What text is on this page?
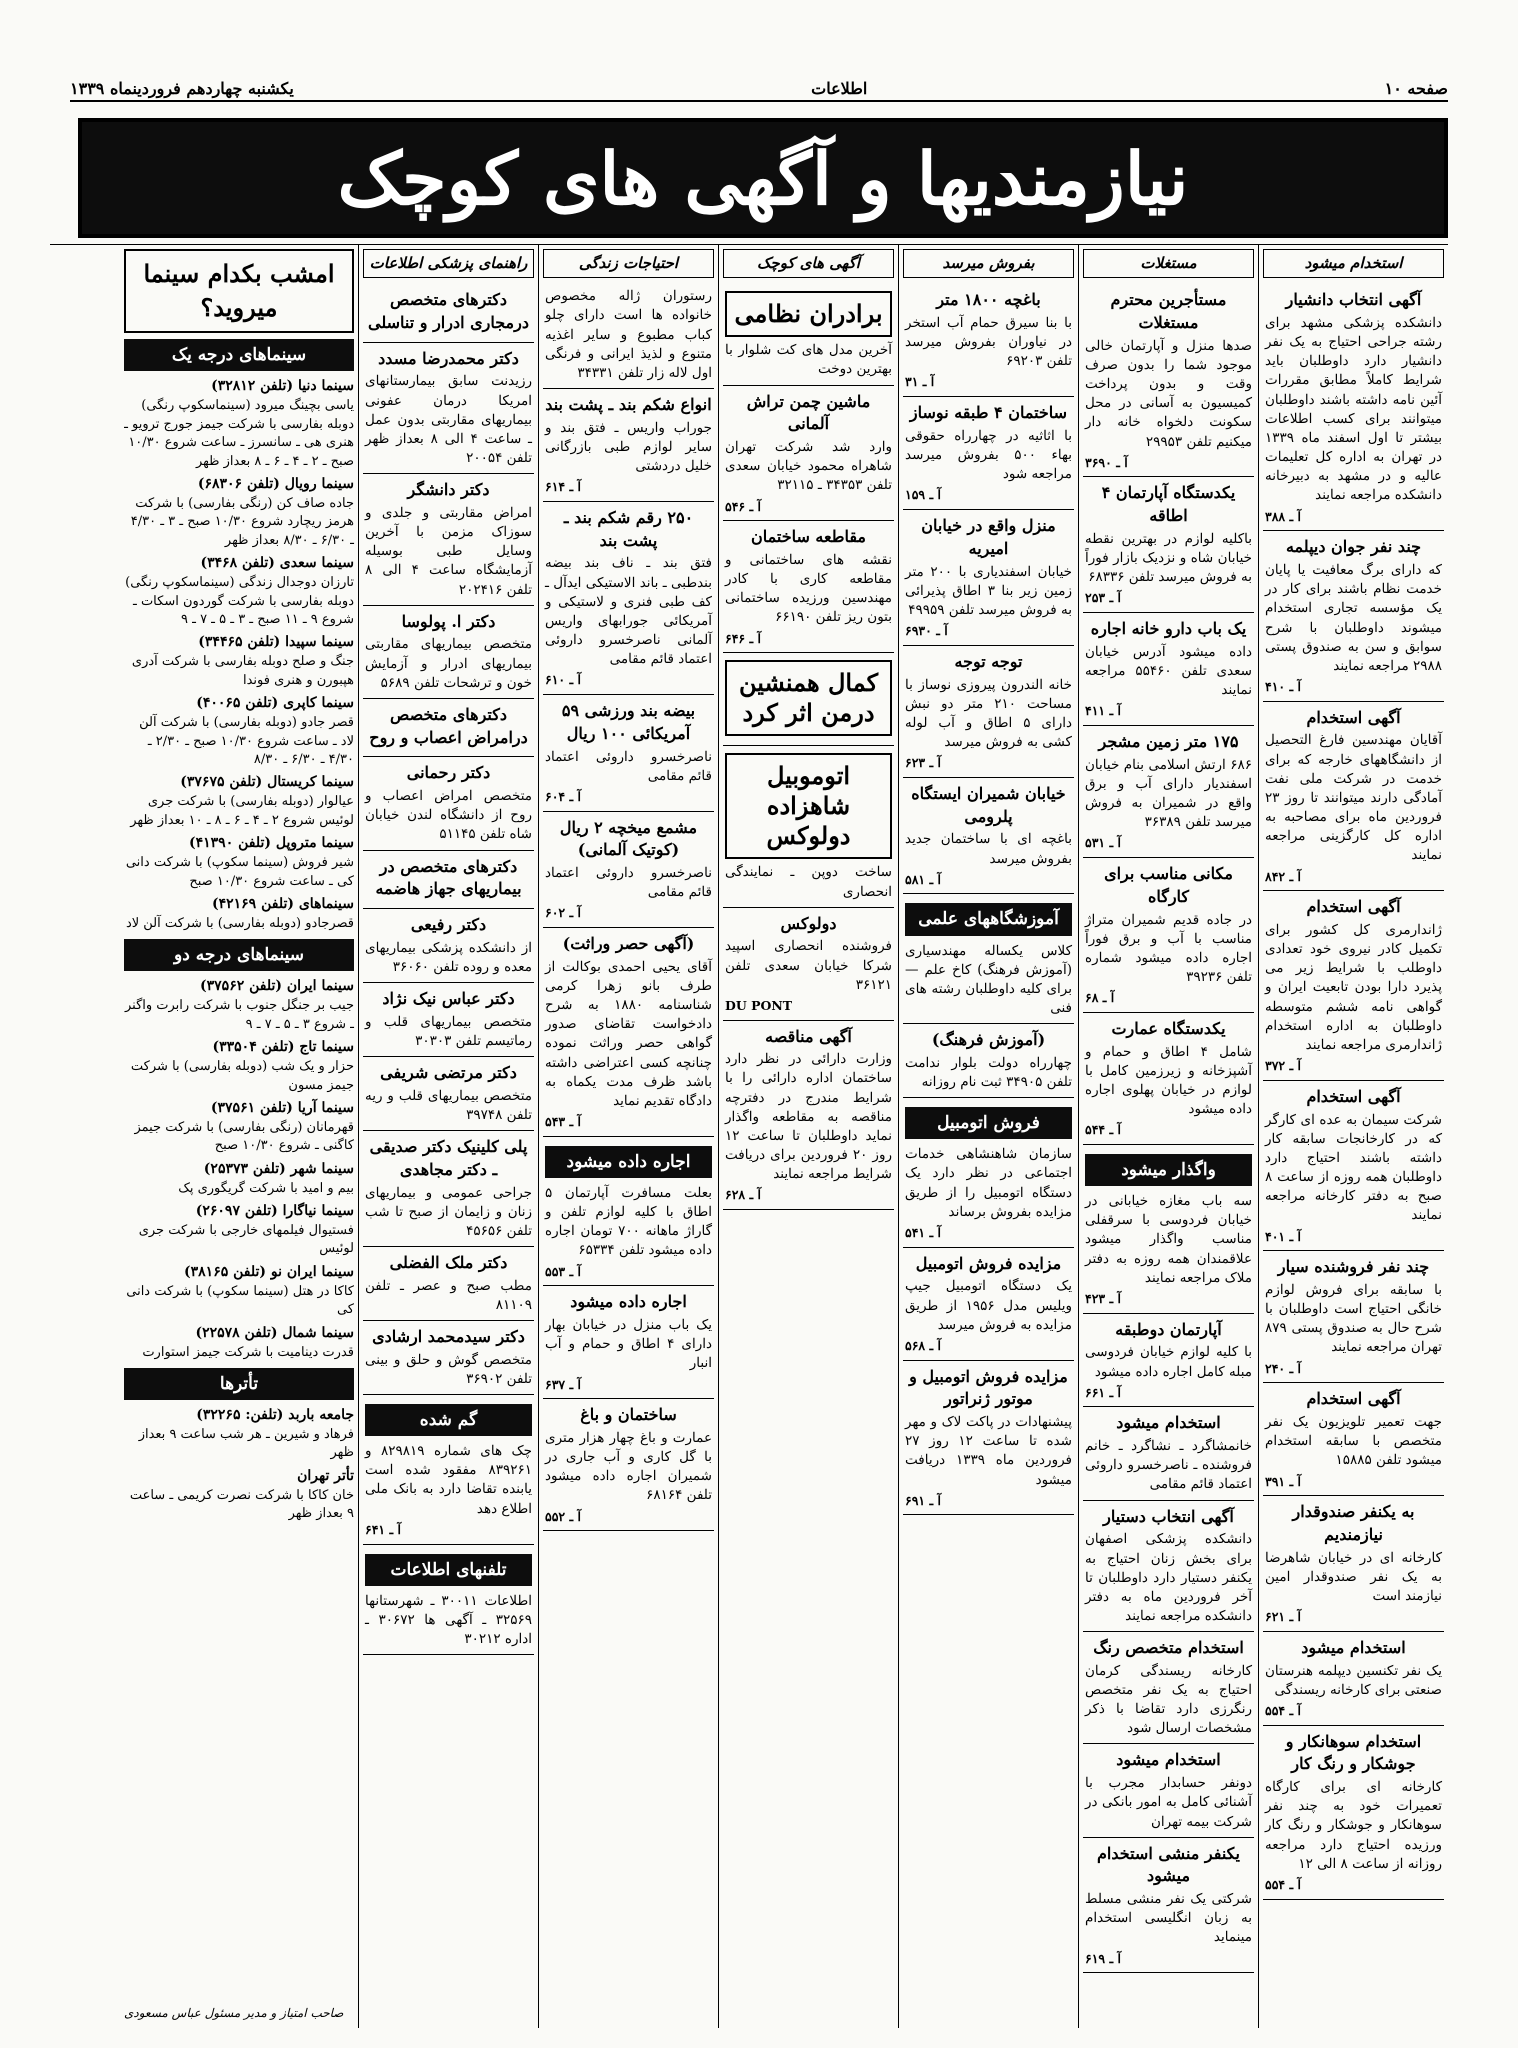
صفحه ۱۰
اطلاعات
یکشنبه چهاردهم فروردینماه ۱۳۳۹
نیازمندیها و آگهی های کوچک
استخدام میشود
آگهی انتخاب دانشیار
دانشکده پزشکی مشهد برای رشته جراحی احتیاج به یک نفر دانشیار دارد داوطلبان باید شرایط کاملاً مطابق مقررات آئین نامه داشته باشند داوطلبان میتوانند برای کسب اطلاعات بیشتر تا اول اسفند ماه ۱۳۳۹ در تهران به اداره کل تعلیمات عالیه و در مشهد به دبیرخانه دانشکده مراجعه نمایند
آ ـ ۳۸۸
چند نفر جوان دیپلمه
که دارای برگ معافیت یا پایان خدمت نظام باشند برای کار در یک مؤسسه تجاری استخدام میشوند داوطلبان با شرح سوابق و سن به صندوق پستی ۲۹۸۸ مراجعه نمایند
آ ـ ۴۱۰
آگهی استخدام
آقایان مهندسین فارغ التحصیل از دانشگاههای خارجه که برای خدمت در شرکت ملی نفت آمادگی دارند میتوانند تا روز ۲۳ فروردین ماه برای مصاحبه به اداره کل کارگزینی مراجعه نمایند
آ ـ ۸۴۲
آگهی استخدام
ژاندارمری کل کشور برای تکمیل کادر نیروی خود تعدادی داوطلب با شرایط زیر می پذیرد دارا بودن تابعیت ایران و گواهی نامه ششم متوسطه داوطلبان به اداره استخدام ژاندارمری مراجعه نمایند
آ ـ ۳۷۲
آگهی استخدام
شرکت سیمان به عده ای کارگر که در کارخانجات سابقه کار داشته باشند احتیاج دارد داوطلبان همه روزه از ساعت ۸ صبح به دفتر کارخانه مراجعه نمایند
آ ـ ۴۰۱
چند نفر فروشنده سیار
با سابقه برای فروش لوازم خانگی احتیاج است داوطلبان با شرح حال به صندوق پستی ۸۷۹ تهران مراجعه نمایند
آ ـ ۲۴۰
آگهی استخدام
جهت تعمیر تلویزیون یک نفر متخصص با سابقه استخدام میشود تلفن ۱۵۸۸۵
آ ـ ۳۹۱
به یکنفر صندوقدار نیازمندیم
کارخانه ای در خیابان شاهرضا به یک نفر صندوقدار امین نیازمند است
آ ـ ۶۲۱
استخدام میشود
یک نفر تکنسین دیپلمه هنرستان صنعتی برای کارخانه ریسندگی
آ ـ ۵۵۴
استخدام سوهانکار و جوشکار و رنگ کار
کارخانه ای برای کارگاه تعمیرات خود به چند نفر سوهانکار و جوشکار و رنگ کار ورزیده احتیاج دارد مراجعه روزانه از ساعت ۸ الی ۱۲
آ ـ ۵۵۴
مستغلات
مستأجرین محترم مستغلات
صدها منزل و آپارتمان خالی موجود شما را بدون صرف وقت و بدون پرداخت کمیسیون به آسانی در محل سکونت دلخواه خانه دار میکنیم تلفن ۲۹۹۵۳
آ ـ ۳۶۹۰
یکدستگاه آپارتمان ۴ اطاقه
باکلیه لوازم در بهترین نقطه خیابان شاه و نزدیک بازار فوراً به فروش میرسد تلفن ۶۸۳۳۶
آ ـ ۲۵۳
یک باب دارو خانه اجاره
داده میشود آدرس خیابان سعدی تلفن ۵۵۴۶۰ مراجعه نمایند
آ ـ ۴۱۱
۱۷۵ متر زمین مشجر
۶۸۶ ارتش اسلامی بنام خیابان اسفندیار دارای آب و برق واقع در شمیران به فروش میرسد تلفن ۳۶۳۸۹
آ ـ ۵۳۱
مکانی مناسب برای کارگاه
در جاده قدیم شمیران متراژ مناسب با آب و برق فوراً اجاره داده میشود شماره تلفن ۳۹۲۳۶
آ ـ ۶۸
یکدستگاه عمارت
شامل ۴ اطاق و حمام و آشپزخانه و زیرزمین کامل با لوازم در خیابان پهلوی اجاره داده میشود
آ ـ ۵۴۴
واگذار میشود
سه باب مغازه خیابانی در خیابان فردوسی با سرقفلی مناسب واگذار میشود علاقمندان همه روزه به دفتر ملاک مراجعه نمایند
آ ـ ۴۲۳
آپارتمان دوطبقه
با کلیه لوازم خیابان فردوسی مبله کامل اجاره داده میشود
آ ـ ۶۶۱
استخدام میشود
خانمشاگرد ـ نشاگرد ـ خانم فروشنده ـ ناصرخسرو داروئی اعتماد قائم مقامی
آگهی انتخاب دستیار
دانشکده پزشکی اصفهان برای بخش زنان احتیاج به یکنفر دستیار دارد داوطلبان تا آخر فروردین ماه به دفتر دانشکده مراجعه نمایند
استخدام متخصص رنگ
کارخانه ریسندگی کرمان احتیاج به یک نفر متخصص رنگرزی دارد تقاضا با ذکر مشخصات ارسال شود
استخدام میشود
دونفر حسابدار مجرب با آشنائی کامل به امور بانکی در شرکت بیمه تهران
یکنفر منشی استخدام میشود
شرکتی یک نفر منشی مسلط به زبان انگلیسی استخدام مینماید
آ ـ ۶۱۹
بفروش میرسد
باغچه ۱۸۰۰ متر
با بنا سیرق حمام آب استخر در نیاوران بفروش میرسد تلفن ۶۹۲۰۳
آ ـ ۳۱
ساختمان ۴ طبقه نوساز
با اثاثیه در چهارراه حقوقی بهاء ۵۰۰ بفروش میرسد مراجعه شود
آ ـ ۱۵۹
منزل واقع در خیابان امیریه
خیابان اسفندیاری با ۲۰۰ متر زمین زیر بنا ۳ اطاق پذیرائی به فروش میرسد تلفن ۴۹۹۵۹
آ ـ ۶۹۳۰
توجه توجه
خانه الندرون پیروزی نوساز با مساحت ۲۱۰ متر دو نبش دارای ۵ اطاق و آب لوله کشی به فروش میرسد
آ ـ ۶۲۳
خیابان شمیران ایستگاه پلرومی
باغچه ای با ساختمان جدید بفروش میرسد
آ ـ ۵۸۱
آموزشگاههای علمی
کلاس یکساله مهندسیاری (آموزش فرهنگ) کاخ علم — برای کلیه داوطلبان رشته های فنی
(آموزش فرهنگ)
چهارراه دولت بلوار ندامت تلفن ۳۴۹۰۵ ثبت نام روزانه
فروش اتومبیل
سازمان شاهنشاهی خدمات اجتماعی در نظر دارد یک دستگاه اتومبیل را از طریق مزایده بفروش برساند
آ ـ ۵۴۱
مزایده فروش اتومبیل
یک دستگاه اتومبیل جیپ ویلیس مدل ۱۹۵۶ از طریق مزایده به فروش میرسد
آ ـ ۵۶۸
مزایده فروش اتومبیل و موتور ژنراتور
پیشنهادات در پاکت لاک و مهر شده تا ساعت ۱۲ روز ۲۷ فروردین ماه ۱۳۳۹ دریافت میشود
آ ـ ۶۹۱
آگهی های کوچک
برادران نظامی
آخرین مدل های کت شلوار با بهترین دوخت
ماشین چمن تراش آلمانی
وارد شد شرکت تهران شاهراه محمود خیابان سعدی تلفن ۳۴۳۵۳ ـ ۳۲۱۱۵
آ ـ ۵۴۶
مقاطعه ساختمان
نقشه های ساختمانی و مقاطعه کاری با کادر مهندسین ورزیده ساختمانی بتون ریز تلفن ۶۶۱۹۰
آ ـ ۶۴۶
کمال همنشین درمن اثر کرد
اتوموبیل شاهزاده دولوکس
ساخت دوپن ـ نمایندگی انحصاری
دولوکس
فروشنده انحصاری اسپید شرکا خیابان سعدی تلفن ۳۶۱۲۱
DU PONT
آگهی مناقصه
وزارت دارائی در نظر دارد ساختمان اداره دارائی را با شرایط مندرج در دفترچه مناقصه به مقاطعه واگذار نماید داوطلبان تا ساعت ۱۲ روز ۲۰ فروردین برای دریافت شرایط مراجعه نمایند
آ ـ ۶۲۸
احتیاجات زندگی
رستوران ژاله مخصوص خانواده ها است دارای چلو کباب مطبوع و سایر اغذیه متنوع و لذیذ ایرانی و فرنگی اول لاله زار تلفن ۳۴۳۳۱
انواع شکم بند ـ پشت بند
جوراب واریس ـ فتق بند و سایر لوازم طبی بازرگانی خلیل دردشتی
آ ـ ۶۱۴
۲۵۰ رقم شکم بند ـ پشت بند
فتق بند ـ ناف بند بیضه بندطبی ـ باند الاستیکی ایدآل ـ کف طبی فنری و لاستیکی و آمریکائی جورابهای واریس آلمانی ناصرخسرو داروئی اعتماد قائم مقامی
آ ـ ۶۱۰
بیضه بند ورزشی ۵۹ آمریکائی ۱۰۰ ریال
ناصرخسرو داروئی اعتماد قائم مقامی
آ ـ ۶۰۴
مشمع میخچه ۲ ریال (کوتیک آلمانی)
ناصرخسرو داروئی اعتماد قائم مقامی
آ ـ ۶۰۲
(آگهی حصر وراثت)
آقای یحیی احمدی بوکالت از طرف بانو زهرا کرمی شناسنامه ۱۸۸۰ به شرح دادخواست تقاضای صدور گواهی حصر وراثت نموده چنانچه کسی اعتراضی داشته باشد ظرف مدت یکماه به دادگاه تقدیم نماید
آ ـ ۵۴۳
اجاره داده میشود
بعلت مسافرت آپارتمان ۵ اطاق با کلیه لوازم تلفن و گاراژ ماهانه ۷۰۰ تومان اجاره داده میشود تلفن ۶۵۳۳۴
آ ـ ۵۵۳
اجاره داده میشود
یک باب منزل در خیابان بهار دارای ۴ اطاق و حمام و آب انبار
آ ـ ۶۳۷
ساختمان و باغ
عمارت و باغ چهار هزار متری با گل کاری و آب جاری در شمیران اجاره داده میشود تلفن ۶۸۱۶۴
آ ـ ۵۵۲
راهنمای پزشکی اطلاعات
دکترهای متخصص درمجاری ادرار و تناسلی
دکتر محمدرضا مسدد
رزیدنت سابق بیمارستانهای امریکا درمان عفونی بیماریهای مقاربتی بدون عمل ـ ساعت ۴ الی ۸ بعداز ظهر تلفن ۲۰۰۵۴
دکتر دانشگر
امراض مقاربتی و جلدی و سوزاک مزمن با آخرین وسایل طبی بوسیله آزمایشگاه ساعت ۴ الی ۸ تلفن ۲۰۲۴۱۶
دکتر ا. پولوسا
متخصص بیماریهای مقاربتی بیماریهای ادرار و آزمایش خون و ترشحات تلفن ۵۶۸۹
دکترهای متخصص درامراض اعصاب و روح
دکتر رحمانی
متخصص امراض اعصاب و روح از دانشگاه لندن خیابان شاه تلفن ۵۱۱۴۵
دکترهای متخصص در بیماریهای جهاز هاضمه
دکتر رفیعی
از دانشکده پزشکی بیماریهای معده و روده تلفن ۳۶۰۶۰
دکتر عباس نیک نژاد
متخصص بیماریهای قلب و رماتیسم تلفن ۳۰۳۰۳
دکتر مرتضی شریفی
متخصص بیماریهای قلب و ریه تلفن ۳۹۷۴۸
پلی کلینیک دکتر صدیقی ـ دکتر مجاهدی
جراحی عمومی و بیماریهای زنان و زایمان از صبح تا شب تلفن ۴۵۶۵۶
دکتر ملک الفضلی
مطب صبح و عصر ـ تلفن ۸۱۱۰۹
دکتر سیدمحمد ارشادی
متخصص گوش و حلق و بینی تلفن ۳۶۹۰۲
گم شده
چک های شماره ۸۲۹۸۱۹ و ۸۳۹۲۶۱ مفقود شده است یابنده تقاضا دارد به بانک ملی اطلاع دهد
آ ـ ۶۴۱
تلفنهای اطلاعات
اطلاعات ۳۰۰۱۱ ـ شهرستانها ۳۲۵۶۹ ـ آگهی ها ۳۰۶۷۲ ـ اداره ۳۰۲۱۲
امشب بکدام سینما میروید؟
سینماهای درجه یک
سینما دنیا (تلفن ۳۲۸۱۲)
یاسی بچینگ میرود (سینماسکوپ رنگی) دوبله بفارسی با شرکت جیمز جورج ترویو ـ هنری هی ـ سانسرز ـ ساعت شروع ۱۰/۳۰ صبح ـ ۲ ـ ۴ ـ ۶ ـ ۸ بعداز ظهر
سینما رویال (تلفن ۶۸۳۰۶)
جاده صاف کن (رنگی بفارسی) با شرکت هرمز ریچارد شروع ۱۰/۳۰ صبح ـ ۳ ـ ۴/۳۰ ـ ۶/۳۰ ـ ۸/۳۰ بعداز ظهر
سینما سعدی (تلفن ۳۴۶۸)
تارزان دوجدال زندگی (سینماسکوپ رنگی) دوبله بفارسی با شرکت گوردون اسکات ـ شروع ۹ ـ ۱۱ صبح ـ ۳ ـ ۵ ـ ۷ ـ ۹
سینما سپیدا (تلفن ۳۴۴۶۵)
جنگ و صلح دوبله بفارسی با شرکت آدری هپبورن و هنری فوندا
سینما کاپری (تلفن ۴۰۰۶۵)
قصر جادو (دوبله بفارسی) با شرکت آلن لاد ـ ساعت شروع ۱۰/۳۰ صبح ـ ۲/۳۰ ـ ۴/۳۰ ـ ۶/۳۰ ـ ۸/۳۰
سینما کریستال (تلفن ۳۷۶۷۵)
عیالوار (دوبله بفارسی) با شرکت جری لوئیس شروع ۲ ـ ۴ ـ ۶ ـ ۸ ـ ۱۰ بعداز ظهر
سینما متروپل (تلفن ۴۱۳۹۰)
شیر فروش (سینما سکوپ) با شرکت دانی کی ـ ساعت شروع ۱۰/۳۰ صبح
سینماهای (تلفن ۴۲۱۶۹)
قصرجادو (دوبله بفارسی) با شرکت آلن لاد
سینماهای درجه دو
سینما ایران (تلفن ۳۷۵۶۲)
جیب بر جنگل جنوب با شرکت رابرت واگنر ـ شروع ۳ ـ ۵ ـ ۷ ـ ۹
سینما تاج (تلفن ۳۳۵۰۴)
حزار و یک شب (دوبله بفارسی) با شرکت جیمز مسون
سینما آریا (تلفن ۳۷۵۶۱)
قهرمانان (رنگی بفارسی) با شرکت جیمز کاگنی ـ شروع ۱۰/۳۰ صبح
سینما شهر (تلفن ۲۵۳۷۳)
بیم و امید با شرکت گریگوری پک
سینما نیاگارا (تلفن ۲۶۰۹۷)
فستیوال فیلمهای خارجی با شرکت جری لوئیس
سینما ایران نو (تلفن ۳۸۱۶۵)
کاکا در هتل (سینما سکوپ) با شرکت دانی کی
سینما شمال (تلفن ۲۲۵۷۸)
قدرت دینامیت با شرکت جیمز استوارت
تأترها
جامعه باربد (تلفن: ۳۲۲۶۵)
فرهاد و شیرین ـ هر شب ساعت ۹ بعداز ظهر
تأتر تهران
خان کاکا با شرکت نصرت کریمی ـ ساعت ۹ بعداز ظهر
صاحب امتیاز و مدیر مسئول عباس مسعودی
